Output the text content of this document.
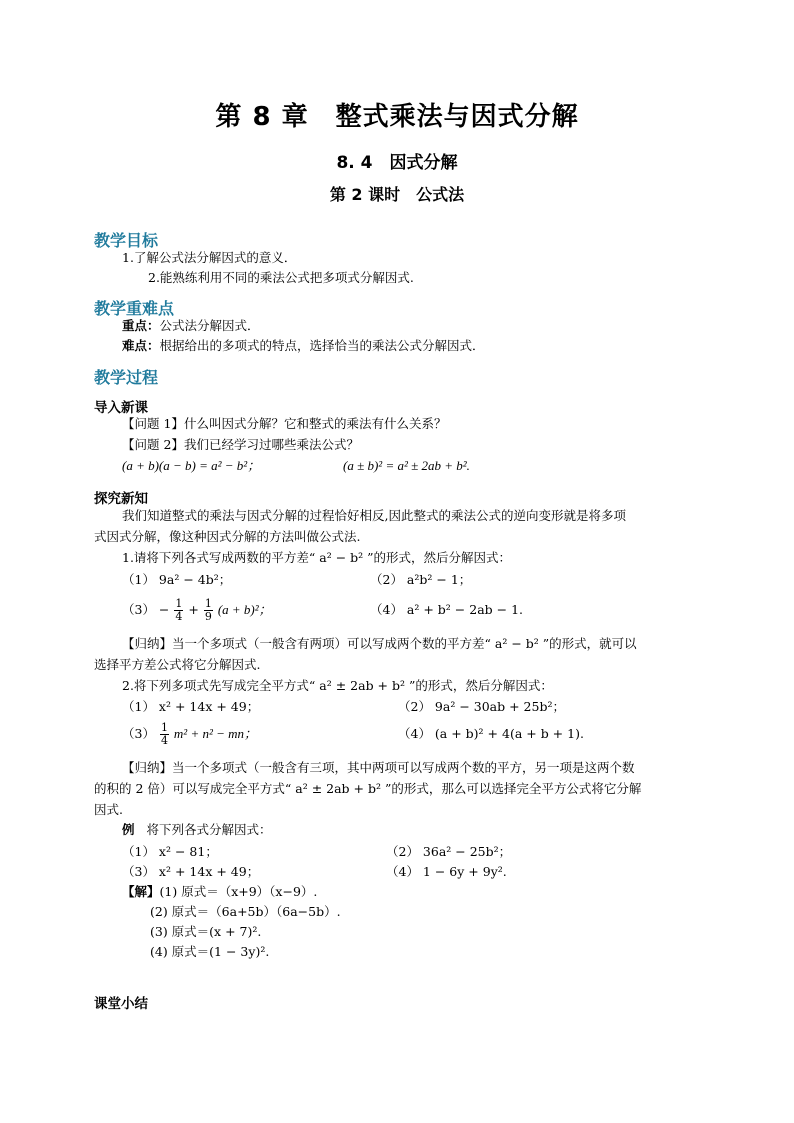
第 8 章　整式乘法与因式分解
8. 4　因式分解
第 2 课时　公式法
教学目标
1.了解公式法分解因式的意义．
2.能熟练利用不同的乘法公式把多项式分解因式.
教学重难点
重点：公式法分解因式．
难点：根据给出的多项式的特点，选择恰当的乘法公式分解因式．
教学过程
导入新课
【问题 1】什么叫因式分解？它和整式的乘法有什么关系？
【问题 2】我们已经学习过哪些乘法公式？
(a + b)(a − b) = a² − b²；	(a ± b)² = a² ± 2ab + b².
探究新知
我们知道整式的乘法与因式分解的过程恰好相反,因此整式的乘法公式的逆向变形就是将多项
式因式分解，像这种因式分解的方法叫做公式法.
1.请将下列各式写成两数的平方差“ a² − b² ”的形式，然后分解因式：
（1） 9a² − 4b²；	（2） a²b² − 1；
$(3) - \frac{1}{4} + \frac{1}{9} (a + b)^2$；	（4） a² + b² − 2ab − 1.
【归纳】当一个多项式（一般含有两项）可以写成两个数的平方差“ a² − b² ”的形式，就可以
选择平方差公式将它分解因式.
2.将下列多项式先写成完全平方式“ a² ± 2ab + b² ”的形式，然后分解因式：
（1） x² + 14x + 49；	（2） 9a² − 30ab + 25b²；
$(3) \frac{1}{4} m^2 + n^2$ − mn；	（4） (a + b)² + 4(a + b + 1).
【归纳】当一个多项式（一般含有三项，其中两项可以写成两个数的平方，另一项是这两个数
的积的 2 倍）可以写成完全平方式“ a² ± 2ab + b² ”的形式，那么可以选择完全平方公式将它分解
因式.
例 将下列各式分解因式：
（1） x² − 81；	（2） 36a² − 25b²；
（3） x² + 14x + 49；	（4） 1 − 6y + 9y².
【解】(1) 原式＝（x+9）（x−9）.
(2) 原式＝（6a+5b）（6a−5b）.
(3) 原式＝(x + 7)².
(4) 原式＝(1 − 3y)².
课堂小结
